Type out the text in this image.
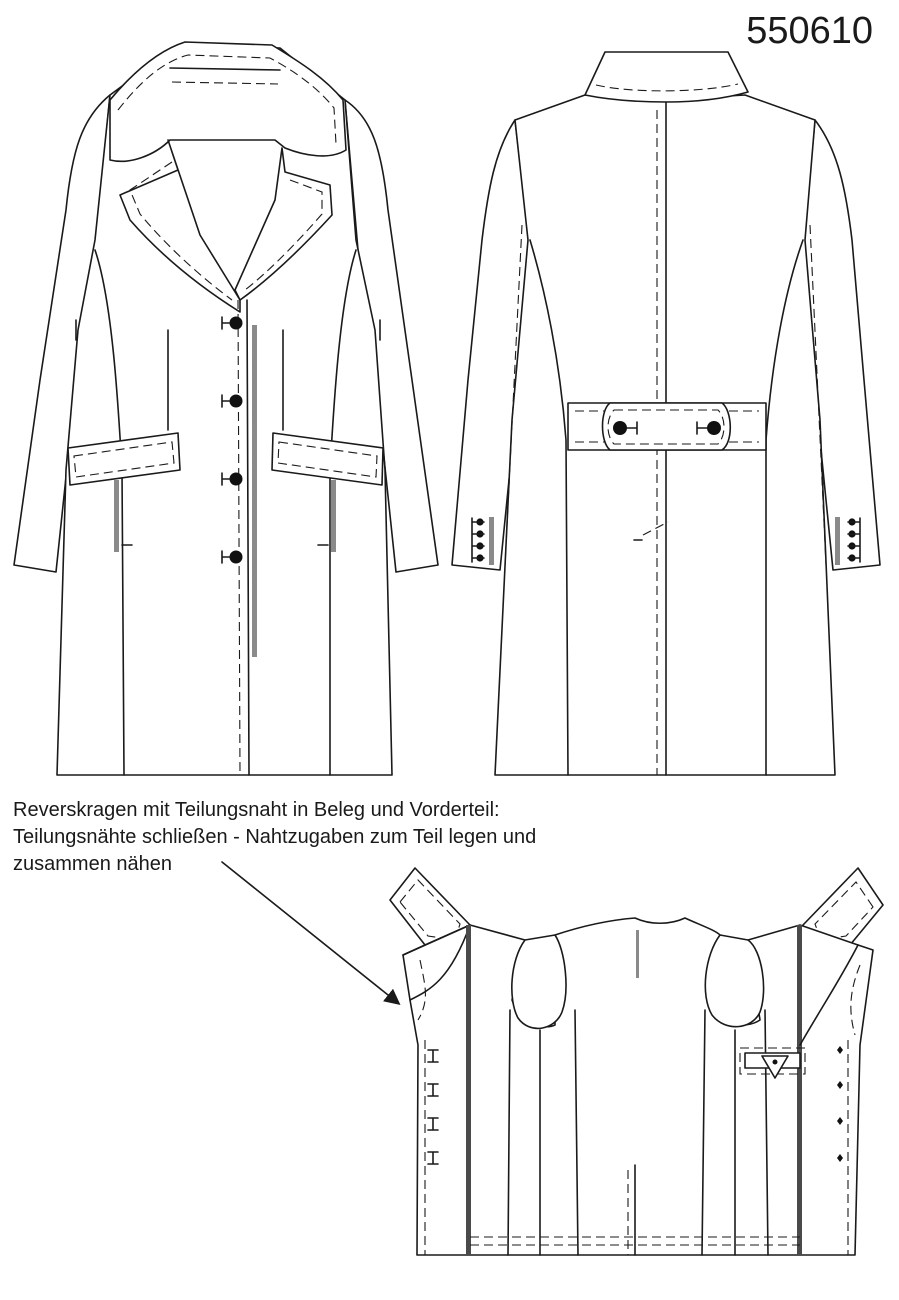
550610
Reverskragen mit Teilungsnaht in Beleg und Vorderteil:
Teilungsnähte schließen - Nahtzugaben zum Teil legen und
zusammen nähen
